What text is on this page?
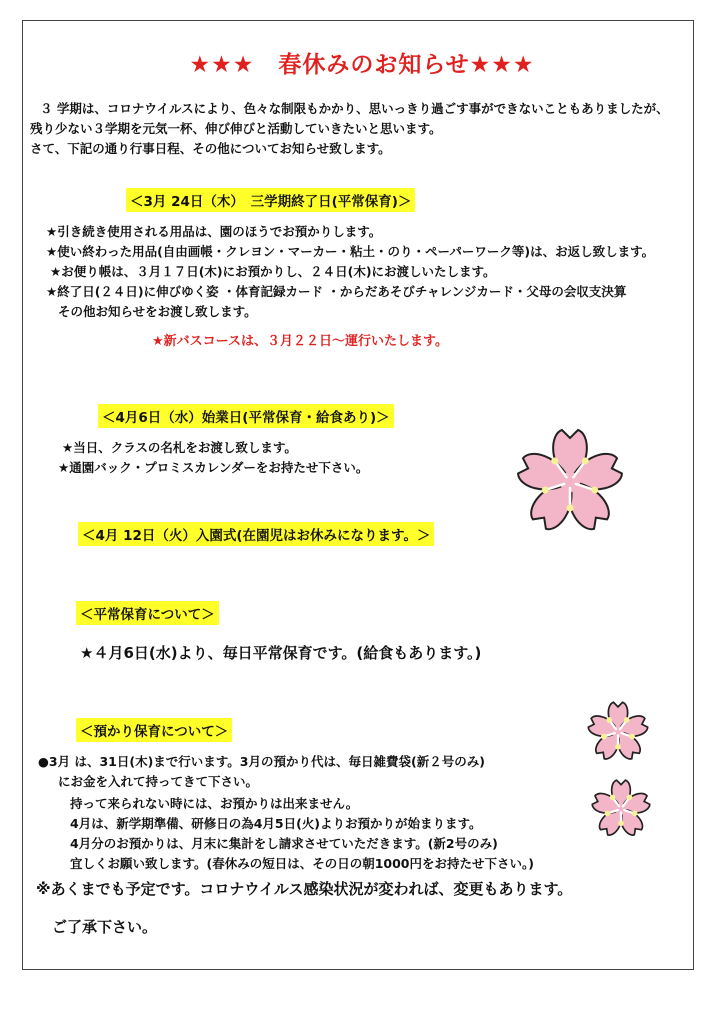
★★★　春休みのお知らせ★★★
３ 学期は、コロナウイルスにより、色々な制限もかかり、思いっきり過ごす事ができないこともありましたが、
残り少ない３学期を元気一杯、伸び伸びと活動していきたいと思います。
さて、下記の通り行事日程、その他についてお知らせ致します。
＜3月 24日（木）　三学期終了日(平常保育)＞
★引き続き使用される用品は、園のほうでお預かりします。
★使い終わった用品(自由画帳・クレヨン・マーカー・粘土・のり・ペーパーワーク等)は、お返し致します。
★お便り帳は、３月１７日(木)にお預かりし、２４日(木)にお渡しいたします。
★終了日(２４日)に伸びゆく姿 ・体育記録カード ・からだあそびチャレンジカード・父母の会収支決算
その他お知らせをお渡し致します。
★新バスコースは、３月２２日～運行いたします。
＜4月6日（水）始業日(平常保育・給食あり)＞
★当日、クラスの名札をお渡し致します。
★通園バック・プロミスカレンダーをお持たせ下さい。
＜4月 12日（火）入園式(在園児はお休みになります。＞
＜平常保育について＞
★４月6日(水)より、毎日平常保育です。(給食もあります。)
＜預かり保育について＞
●3月 は、31日(木)まで行います。3月の預かり代は、毎日雑費袋(新２号のみ)
にお金を入れて持ってきて下さい。
持って来られない時には、お預かりは出来ません。
4月は、新学期準備、研修日の為4月5日(火)よりお預かりが始まります。
4月分のお預かりは、月末に集計をし請求させていただきます。(新2号のみ)
宜しくお願い致します。(春休みの短日は、その日の朝1000円をお持たせ下さい。)
※あくまでも予定です。コロナウイルス感染状況が変われば、変更もあります。
ご了承下さい。
